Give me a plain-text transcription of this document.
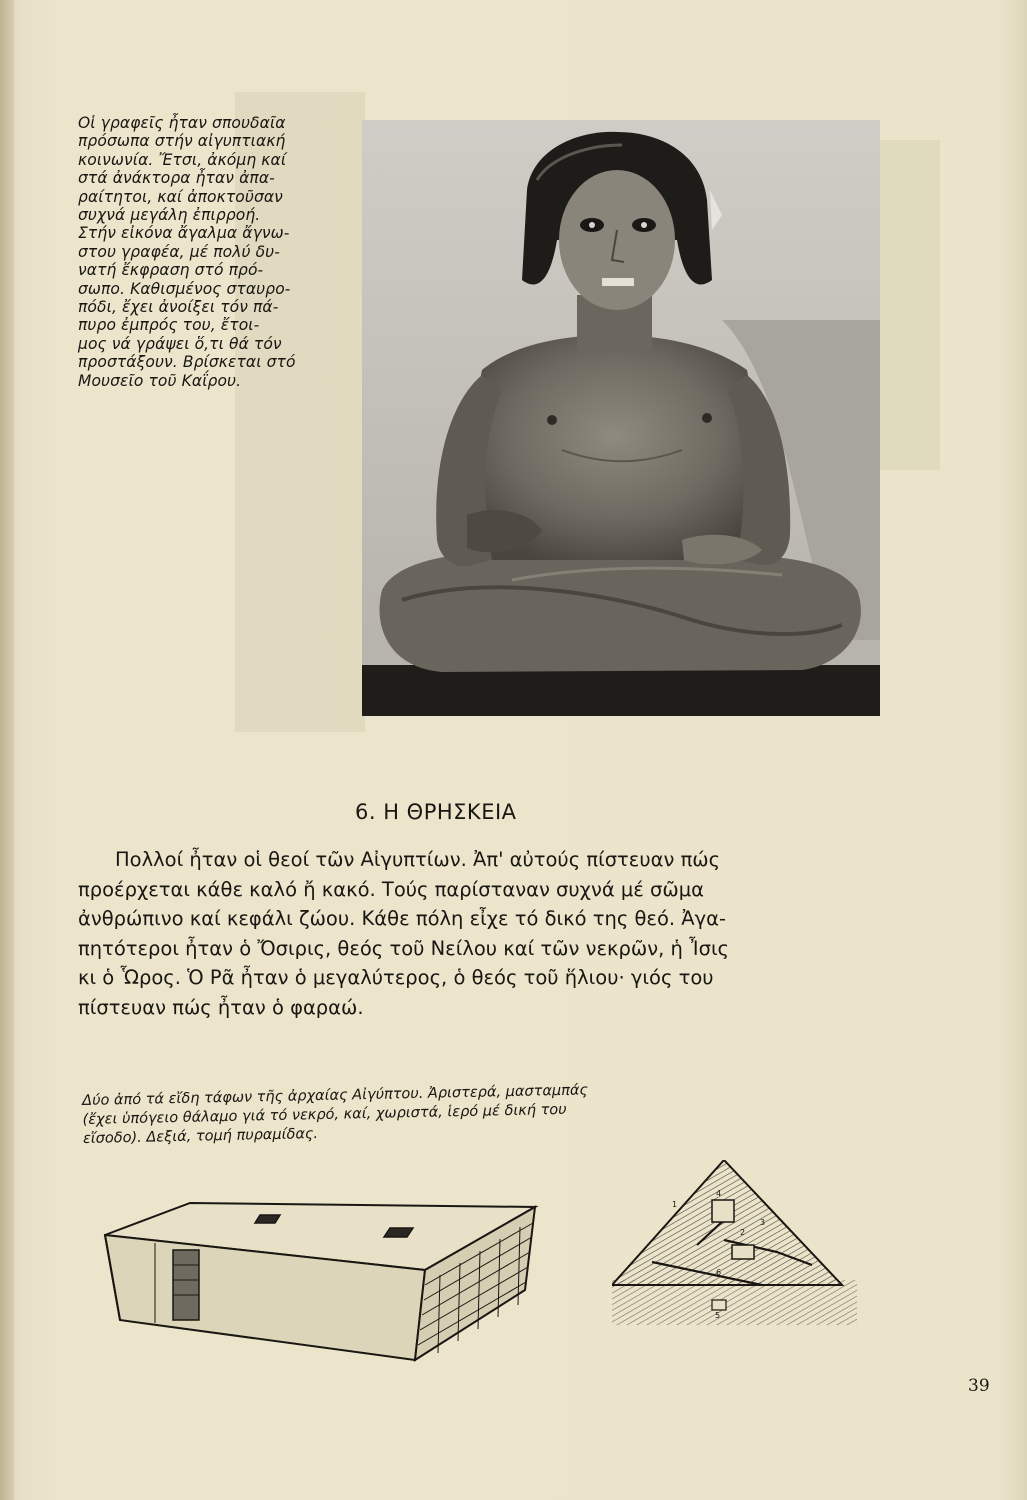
Οἱ γραφεῖς ἦταν σπουδαῖα
πρόσωπα στήν αἰγυπτιακή
κοινωνία. Ἔτσι, ἀκόμη καί
στά ἀνάκτορα ἦταν ἀπα-
ραίτητοι, καί ἀποκτοῦσαν
συχνά μεγάλη ἐπιρροή.
Στήν εἰκόνα ἄγαλμα ἄγνω-
στου γραφέα, μέ πολύ δυ-
νατή ἔκφραση στό πρό-
σωπο. Καθισμένος σταυρο-
πόδι, ἔχει ἀνοίξει τόν πά-
πυρο ἐμπρός του, ἔτοι-
μος νά γράψει ὅ,τι θά τόν
προστάξουν. Βρίσκεται στό
Μουσεῖο τοῦ Καΐρου.
6. Η ΘΡΗΣΚΕΙΑ
Πολλοί ἦταν οἱ θεοί τῶν Αἰγυπτίων. Ἀπ' αὐτούς πίστευαν πώς
προέρχεται κάθε καλό ἤ κακό. Τούς παρίσταναν συχνά μέ σῶμα
ἀνθρώπινο καί κεφάλι ζώου. Κάθε πόλη εἶχε τό δικό της θεό. Ἀγα-
πητότεροι ἦταν ὁ Ὄσιρις, θεός τοῦ Νείλου καί τῶν νεκρῶν, ἡ Ἶσις
κι ὁ Ὧρος. Ὁ Ρᾶ ἦταν ὁ μεγαλύτερος, ὁ θεός τοῦ ἥλιου· γιός του
πίστευαν πώς ἦταν ὁ φαραώ.
Δύο ἀπό τά εἴδη τάφων τῆς ἀρχαίας Αἰγύπτου. Ἀριστερά, μασταμπάς
(ἔχει ὑπόγειο θάλαμο γιά τό νεκρό, καί, χωριστά, ἱερό μέ δική του
εἴσοδο). Δεξιά, τομή πυραμίδας.
1
2
3
4
5
6
39
